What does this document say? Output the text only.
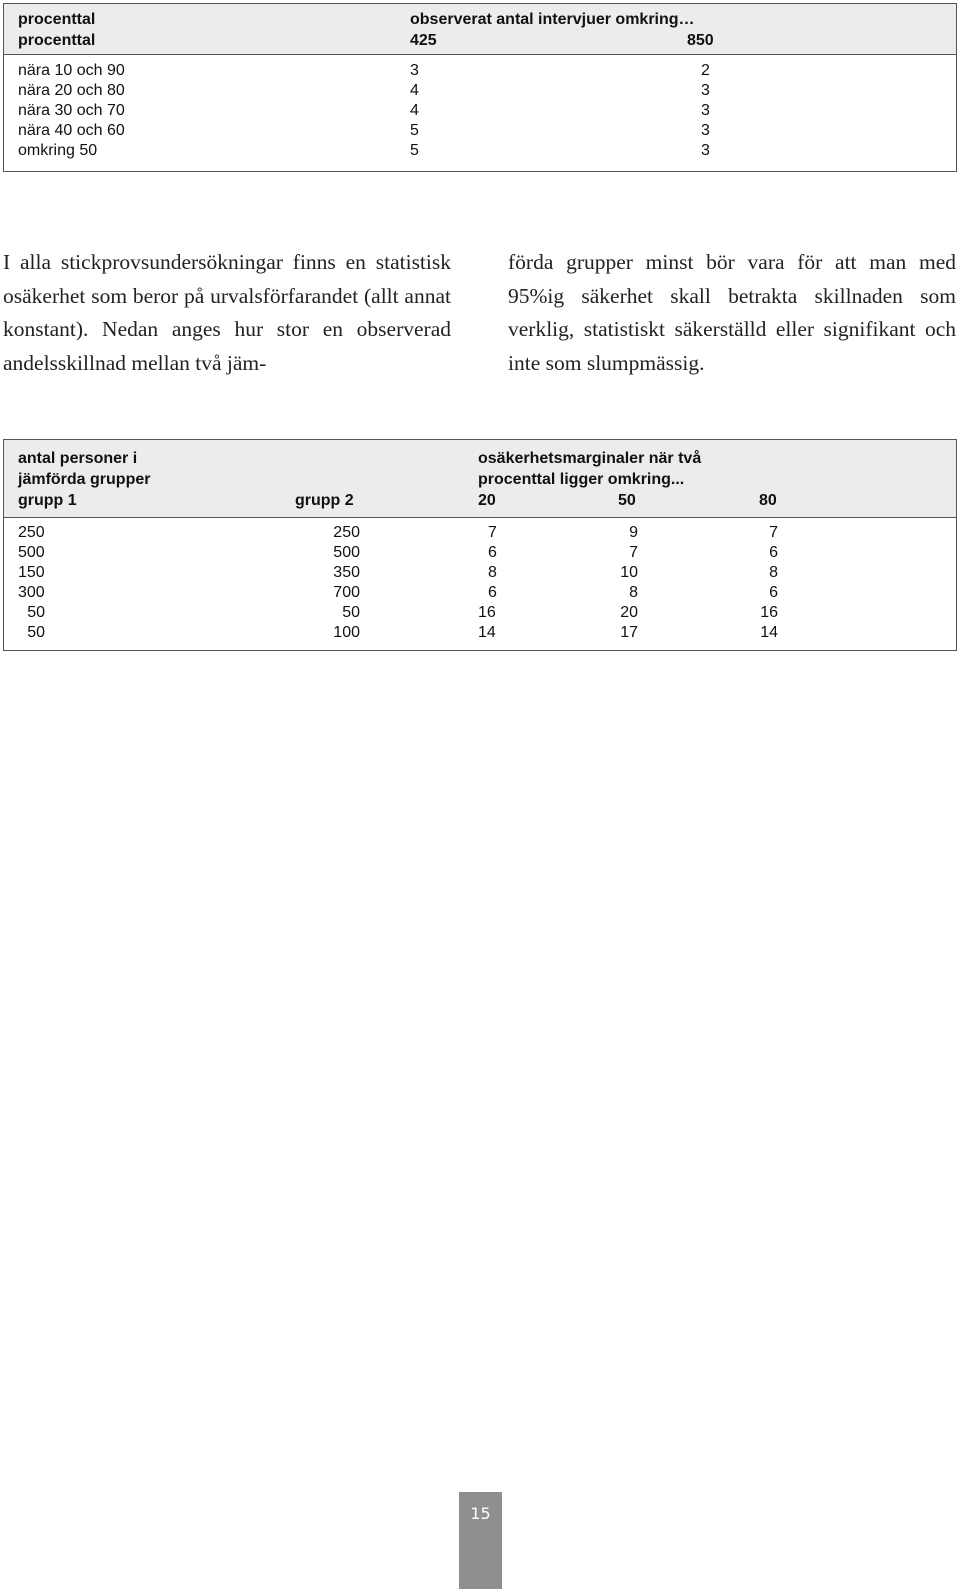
procenttal	observerat antal intervjuer omkring…
procenttal	425	850
nära 10 och 90	3	2
nära 20 och 80	4	3
nära 30 och 70	4	3
nära 40 och 60	5	3
omkring 50	5	3

I alla stickprovsundersökningar finns en statistisk osäkerhet som beror på urvalsförfarandet (allt annat konstant). Nedan anges hur stor en observerad andelsskillnad mellan två jäm-

förda grupper minst bör vara för att man med 95%ig säkerhet skall betrakta skillnaden som verklig, statistiskt säkerställd eller signifikant och inte som slumpmässig.

antal personer i	osäkerhetsmarginaler när två
jämförda grupper	procenttal ligger omkring...
grupp 1	grupp 2	20	50	80
250	250	7	9	7
500	500	6	7	6
150	350	8	10	8
300	700	6	8	6
50	50	16	20	16
50	100	14	17	14
15
